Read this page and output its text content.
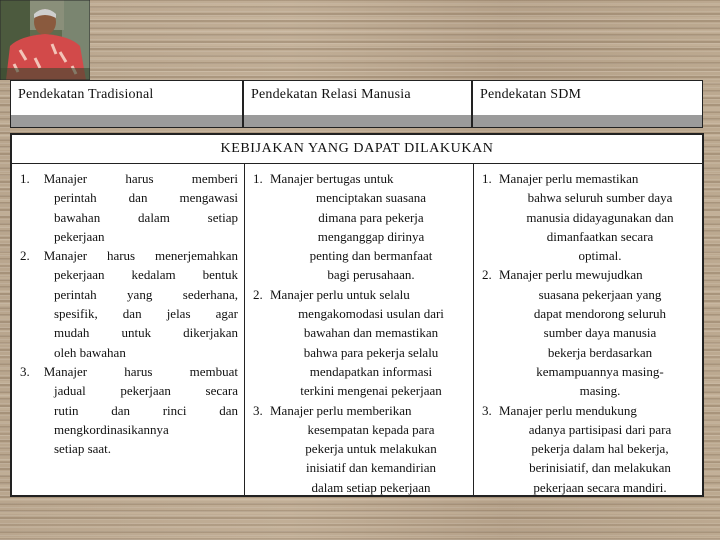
Pendekatan Tradisional	Pendekatan Relasi Manusia	Pendekatan SDM
KEBIJAKAN YANG DAPAT DILAKUKAN
1. Manajer harus memberi
perintah dan mengawasi
bawahan dalam setiap
pekerjaan
2. Manajer harus menerjemahkan
pekerjaan kedalam bentuk
perintah yang sederhana,
spesifik, dan jelas agar
mudah untuk dikerjakan
oleh bawahan
3. Manajer harus membuat
jadual pekerjaan secara
rutin dan rinci dan
mengkordinasikannya
setiap saat.
1. Manajer bertugas untuk
menciptakan suasana
dimana para pekerja
menganggap dirinya
penting dan bermanfaat
bagi perusahaan.
2. Manajer perlu untuk selalu
mengakomodasi usulan dari
bawahan dan memastikan
bahwa para pekerja selalu
mendapatkan informasi
terkini mengenai pekerjaan
3. Manajer perlu memberikan
kesempatan kepada para
pekerja untuk melakukan
inisiatif dan kemandirian
dalam setiap pekerjaan
1. Manajer perlu memastikan
bahwa seluruh sumber daya
manusia didayagunakan dan
dimanfaatkan secara
optimal.
2. Manajer perlu mewujudkan
suasana pekerjaan yang
dapat mendorong seluruh
sumber daya manusia
bekerja berdasarkan
kemampuannya masing-
masing.
3. Manajer perlu mendukung
adanya partisipasi dari para
pekerja dalam hal bekerja,
berinisiatif, dan melakukan
pekerjaan secara mandiri.
